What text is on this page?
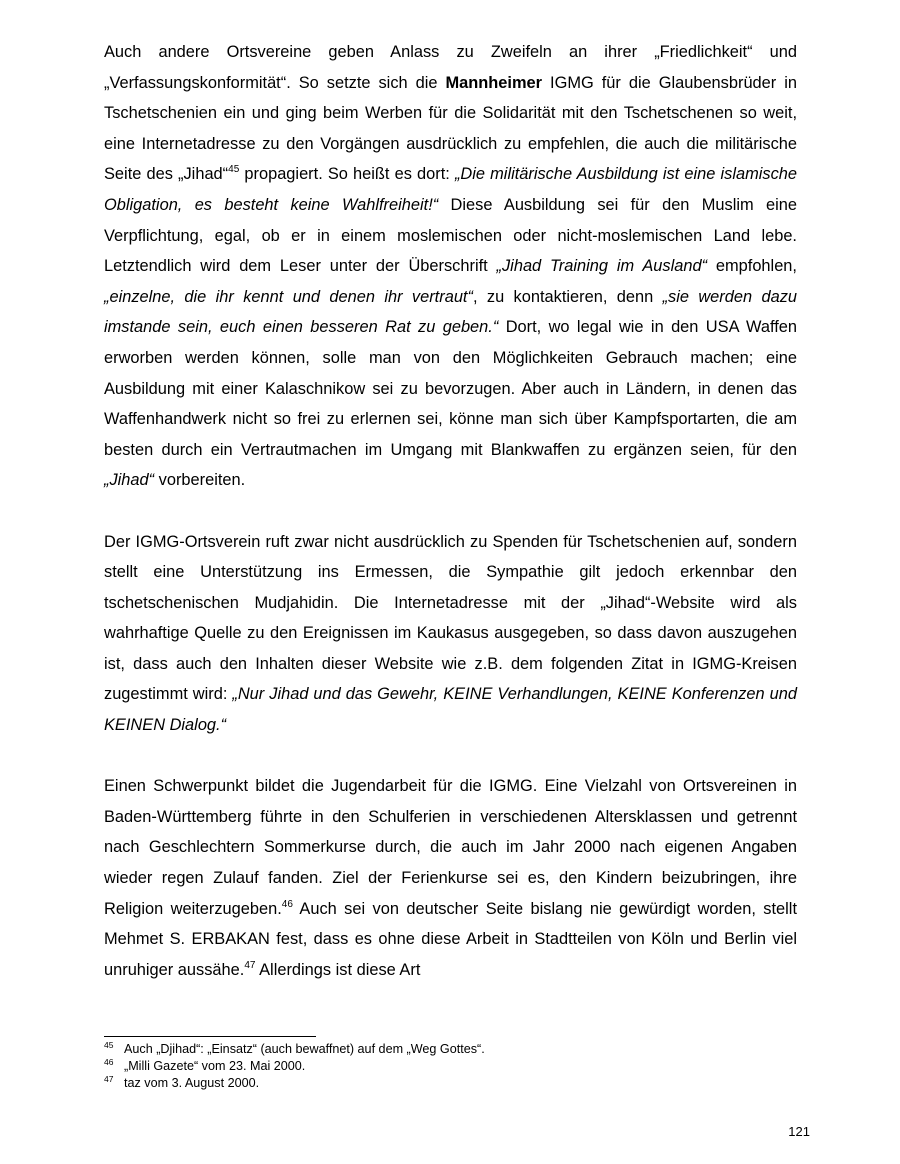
Auch andere Ortsvereine geben Anlass zu Zweifeln an ihrer „Friedlichkeit“ und „Verfassungskonformität“. So setzte sich die Mannheimer IGMG für die Glaubensbrüder in Tschetschenien ein und ging beim Werben für die Solidarität mit den Tschetschenen so weit, eine Internetadresse zu den Vorgängen ausdrücklich zu empfehlen, die auch die militärische Seite des „Jihad“$^{45}$ propagiert. So heißt es dort: „Die militärische Ausbildung ist eine islamische Obligation, es besteht keine Wahlfreiheit!“ Diese Ausbildung sei für den Muslim eine Verpflichtung, egal, ob er in einem moslemischen oder nicht-moslemischen Land lebe. Letztendlich wird dem Leser unter der Überschrift „Jihad Training im Ausland“ empfohlen, „einzelne, die ihr kennt und denen ihr vertraut“, zu kontaktieren, denn „sie werden dazu imstande sein, euch einen besseren Rat zu geben.“ Dort, wo legal wie in den USA Waffen erworben werden können, solle man von den Möglichkeiten Gebrauch machen; eine Ausbildung mit einer Kalaschnikow sei zu bevorzugen. Aber auch in Ländern, in denen das Waffenhandwerk nicht so frei zu erlernen sei, könne man sich über Kampfsportarten, die am besten durch ein Vertrautmachen im Umgang mit Blankwaffen zu ergänzen seien, für den „Jihad“ vorbereiten.

Der IGMG-Ortsverein ruft zwar nicht ausdrücklich zu Spenden für Tschetschenien auf, sondern stellt eine Unterstützung ins Ermessen, die Sympathie gilt jedoch erkennbar den tschetschenischen Mudjahidin. Die Internetadresse mit der „Jihad“-Website wird als wahrhaftige Quelle zu den Ereignissen im Kaukasus ausgegeben, so dass davon auszugehen ist, dass auch den Inhalten dieser Website wie z.B. dem folgenden Zitat in IGMG-Kreisen zugestimmt wird: „Nur Jihad und das Gewehr, KEINE Verhandlungen, KEINE Konferenzen und KEINEN Dialog.“

Einen Schwerpunkt bildet die Jugendarbeit für die IGMG. Eine Vielzahl von Ortsvereinen in Baden-Württemberg führte in den Schulferien in verschiedenen Altersklassen und getrennt nach Geschlechtern Sommerkurse durch, die auch im Jahr 2000 nach eigenen Angaben wieder regen Zulauf fanden. Ziel der Ferienkurse sei es, den Kindern beizubringen, ihre Religion weiterzugeben.$^{46}$ Auch sei von deutscher Seite bislang nie gewürdigt worden, stellt Mehmet S. ERBAKAN fest, dass es ohne diese Arbeit in Stadtteilen von Köln und Berlin viel unruhiger aussähe.$^{47}$ Allerdings ist diese Art

$^{45}$ Auch „Djihad“: „Einsatz“ (auch bewaffnet) auf dem „Weg Gottes“.
$^{46}$ „Milli Gazete“ vom 23. Mai 2000.
$^{47}$ taz vom 3. August 2000.
121
